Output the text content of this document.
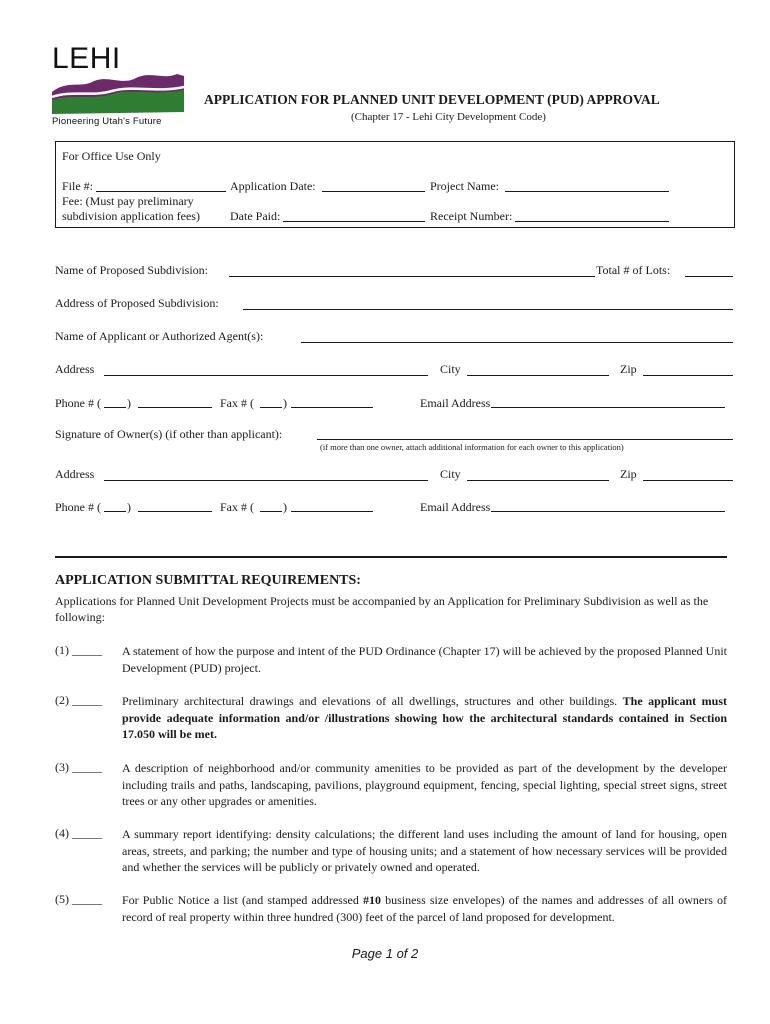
LEHI
Pioneering Utah's Future
APPLICATION FOR PLANNED UNIT DEVELOPMENT (PUD) APPROVAL
(Chapter 17 - Lehi City Development Code)
For Office Use Only
File #:	Application Date:	Project Name:
Fee: (Must pay preliminary
subdivision application fees)	Date Paid:	Receipt Number:
Name of Proposed Subdivision:	Total # of Lots:
Address of Proposed Subdivision:
Name of Applicant or Authorized Agent(s):
Address	City	Zip
Phone # ( )	Fax # ( )	Email Address
Signature of Owner(s) (if other than applicant):
(if more than one owner, attach additional information for each owner to this application)
Address	City	Zip
Phone # ( )	Fax # ( )	Email Address
APPLICATION SUBMITTAL REQUIREMENTS:
Applications for Planned Unit Development Projects must be accompanied by an Application for Preliminary Subdivision as well as the following:
(1) _____ A statement of how the purpose and intent of the PUD Ordinance (Chapter 17) will be achieved by the proposed Planned Unit Development (PUD) project.
(2) _____ Preliminary architectural drawings and elevations of all dwellings, structures and other buildings. The applicant must provide adequate information and/or /illustrations showing how the architectural standards contained in Section 17.050 will be met.
(3) _____ A description of neighborhood and/or community amenities to be provided as part of the development by the developer including trails and paths, landscaping, pavilions, playground equipment, fencing, special lighting, special street signs, street trees or any other upgrades or amenities.
(4) _____ A summary report identifying: density calculations; the different land uses including the amount of land for housing, open areas, streets, and parking; the number and type of housing units; and a statement of how necessary services will be provided and whether the services will be publicly or privately owned and operated.
(5) _____ For Public Notice a list (and stamped addressed #10 business size envelopes) of the names and addresses of all owners of record of real property within three hundred (300) feet of the parcel of land proposed for development.
Page 1 of 2
